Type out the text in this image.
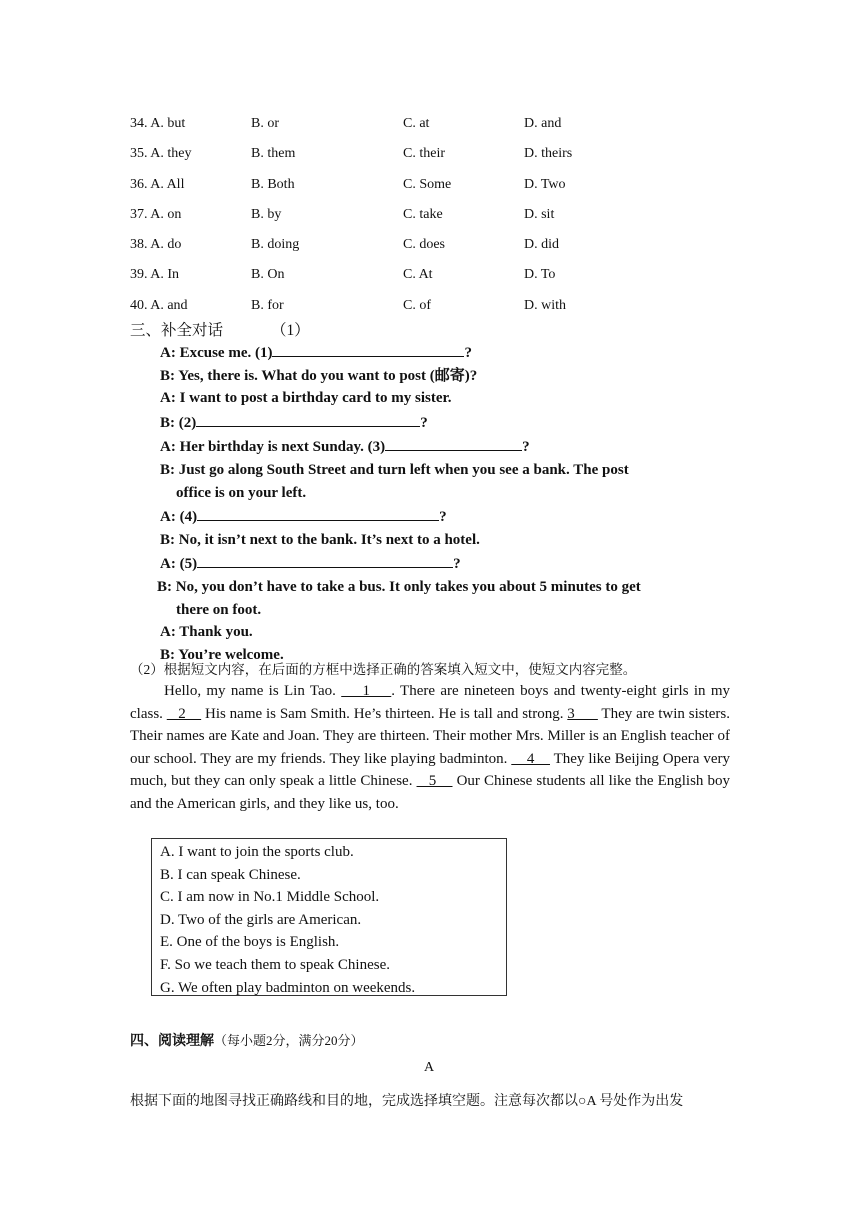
34. A. but	B. or	C. at	D. and
35. A. they	B. them	C. their	D. theirs
36. A. All	B. Both	C. Some	D. Two
37. A. on	B. by	C. take	D. sit
38. A. do	B. doing	C. does	D. did
39. A. In	B. On	C. At	D. To
40. A. and	B. for	C. of	D. with
三、补全对话	（1）
A: Excuse me. (1)	?
B: Yes, there is. What do you want to post (邮寄)?
A: I want to post a birthday card to my sister.
B: (2)	?
A: Her birthday is next Sunday. (3)	?
B: Just go along South Street and turn left when you see a bank. The post
office is on your left.
A: (4)	?
B: No, it isn’t next to the bank. It’s next to a hotel.
A: (5)	?
B: No, you don’t have to take a bus. It only takes you about 5 minutes to get
there on foot.
A: Thank you.
B: You’re welcome.
（2）根据短文内容，在后面的方框中选择正确的答案填入短文中，使短文内容完整。
Hello, my name is Lin Tao.     1    . There are nineteen boys and twenty-eight girls in my class.    2     His name is Sam Smith. He’s thirteen. He is tall and strong. 3       They are twin sisters. Their names are Kate and Joan. They are thirteen. Their mother Mrs. Miller is an English teacher of our school. They are my friends. They like playing badminton.     4     They like Beijing Opera very much, but they can only speak a little Chinese.    5     Our Chinese students all like the English boy and the American girls, and they like us, too.
A. I want to join the sports club.
B. I can speak Chinese.
C. I am now in No.1 Middle School.
D. Two of the girls are American.
E. One of the boys is English.
F. So we teach them to speak Chinese.
G. We often play badminton on weekends.
四、阅读理解（每小题2分，满分20分）
A
根据下面的地图寻找正确路线和目的地，完成选择填空题。注意每次都以○A 号处作为出发
